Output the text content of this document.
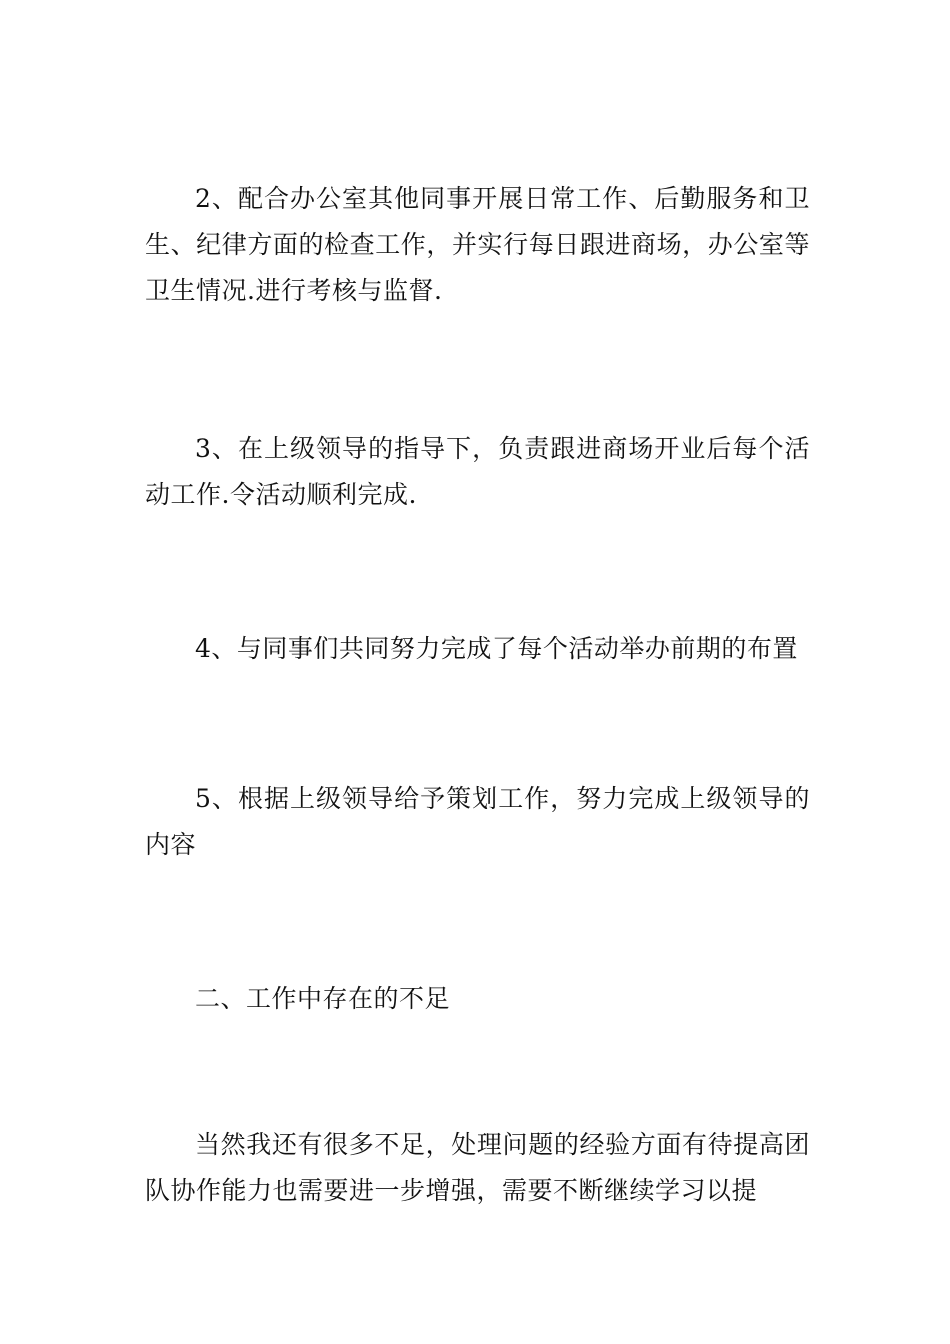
2、配合办公室其他同事开展日常工作、后勤服务和卫生、纪律方面的检查工作，并实行每日跟进商场，办公室等卫生情况.进行考核与监督.

3、在上级领导的指导下，负责跟进商场开业后每个活动工作.令活动顺利完成.

4、与同事们共同努力完成了每个活动举办前期的布置

5、根据上级领导给予策划工作，努力完成上级领导的内容

二、工作中存在的不足

当然我还有很多不足，处理问题的经验方面有待提高团队协作能力也需要进一步增强，需要不断继续学习以提
